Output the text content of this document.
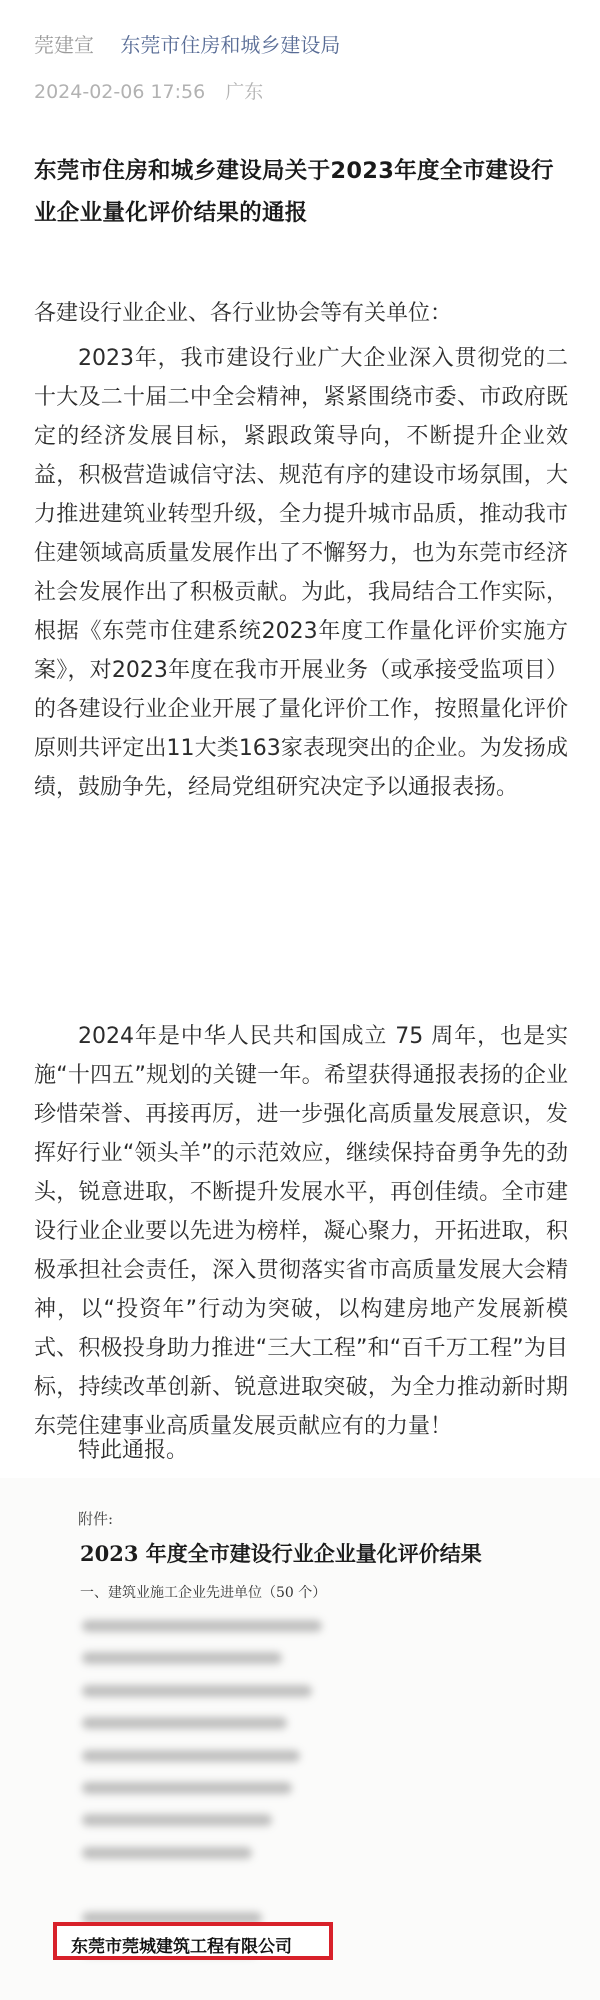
莞建宣 东莞市住房和城乡建设局
2024-02-06 17:56 广东
东莞市住房和城乡建设局关于2023年度全市建设行业企业量化评价结果的通报
各建设行业企业、各行业协会等有关单位：
2023年，我市建设行业广大企业深入贯彻党的二十大及二十届二中全会精神，紧紧围绕市委、市政府既定的经济发展目标，紧跟政策导向，不断提升企业效益，积极营造诚信守法、规范有序的建设市场氛围，大力推进建筑业转型升级，全力提升城市品质，推动我市住建领域高质量发展作出了不懈努力，也为东莞市经济社会发展作出了积极贡献。为此，我局结合工作实际，根据《东莞市住建系统2023年度工作量化评价实施方案》，对2023年度在我市开展业务（或承接受监项目）的各建设行业企业开展了量化评价工作，按照量化评价原则共评定出11大类163家表现突出的企业。为发扬成绩，鼓励争先，经局党组研究决定予以通报表扬。
2024年是中华人民共和国成立 75 周年，也是实施“十四五”规划的关键一年。希望获得通报表扬的企业珍惜荣誉、再接再厉，进一步强化高质量发展意识，发挥好行业“领头羊”的示范效应，继续保持奋勇争先的劲头，锐意进取，不断提升发展水平，再创佳绩。全市建设行业企业要以先进为榜样，凝心聚力，开拓进取，积极承担社会责任，深入贯彻落实省市高质量发展大会精神，以“投资年”行动为突破，以构建房地产发展新模式、积极投身助力推进“三大工程”和“百千万工程”为目标，持续改革创新、锐意进取突破，为全力推动新时期东莞住建事业高质量发展贡献应有的力量！
特此通报。
附件:
2023 年度全市建设行业企业量化评价结果
一、建筑业施工企业先进单位（50 个）
东莞市莞城建筑工程有限公司
